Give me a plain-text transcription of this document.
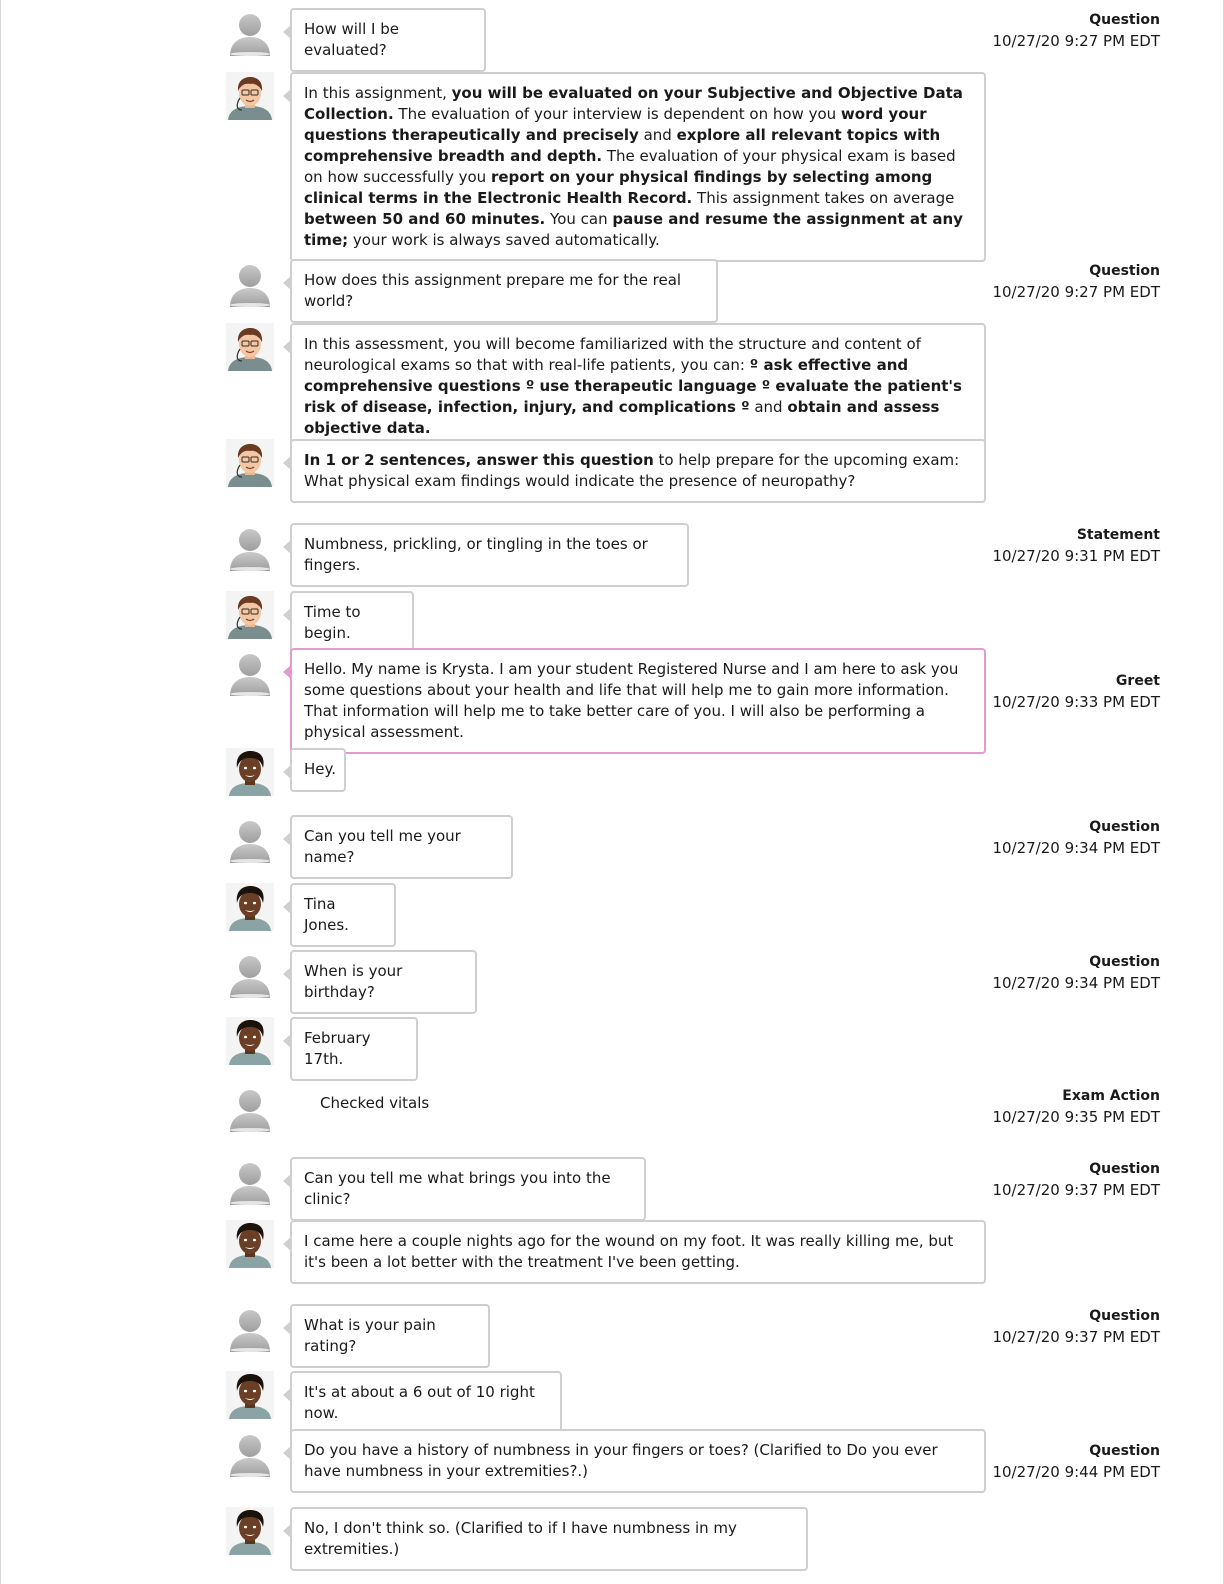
How will I be evaluated?
Question
10/27/20 9:27 PM EDT
In this assignment, you will be evaluated on your Subjective and Objective Data Collection. The evaluation of your interview is dependent on how you word your questions therapeutically and precisely and explore all relevant topics with comprehensive breadth and depth. The evaluation of your physical exam is based on how successfully you report on your physical findings by selecting among clinical terms in the Electronic Health Record. This assignment takes on average between 50 and 60 minutes. You can pause and resume the assignment at any time; your work is always saved automatically.
How does this assignment prepare me for the real world?
Question
10/27/20 9:27 PM EDT
In this assessment, you will become familiarized with the structure and content of neurological exams so that with real-life patients, you can: º ask effective and comprehensive questions º use therapeutic language º evaluate the patient's risk of disease, infection, injury, and complications º and obtain and assess objective data.
In 1 or 2 sentences, answer this question to help prepare for the upcoming exam: What physical exam findings would indicate the presence of neuropathy?
Numbness, prickling, or tingling in the toes or fingers.
Statement
10/27/20 9:31 PM EDT
Time to begin.
Hello. My name is Krysta. I am your student Registered Nurse and I am here to ask you some questions about your health and life that will help me to gain more information. That information will help me to take better care of you. I will also be performing a physical assessment.
Greet
10/27/20 9:33 PM EDT
Hey.
Can you tell me your name?
Question
10/27/20 9:34 PM EDT
Tina Jones.
When is your birthday?
Question
10/27/20 9:34 PM EDT
February 17th.
Checked vitals	Exam Action
10/27/20 9:35 PM EDT
Can you tell me what brings you into the clinic?
Question
10/27/20 9:37 PM EDT
I came here a couple nights ago for the wound on my foot. It was really killing me, but it's been a lot better with the treatment I've been getting.
What is your pain rating?
Question
10/27/20 9:37 PM EDT
It's at about a 6 out of 10 right now.
Do you have a history of numbness in your fingers or toes? (Clarified to Do you ever have numbness in your extremities?.)
Question
10/27/20 9:44 PM EDT
No, I don't think so. (Clarified to if I have numbness in my extremities.)
